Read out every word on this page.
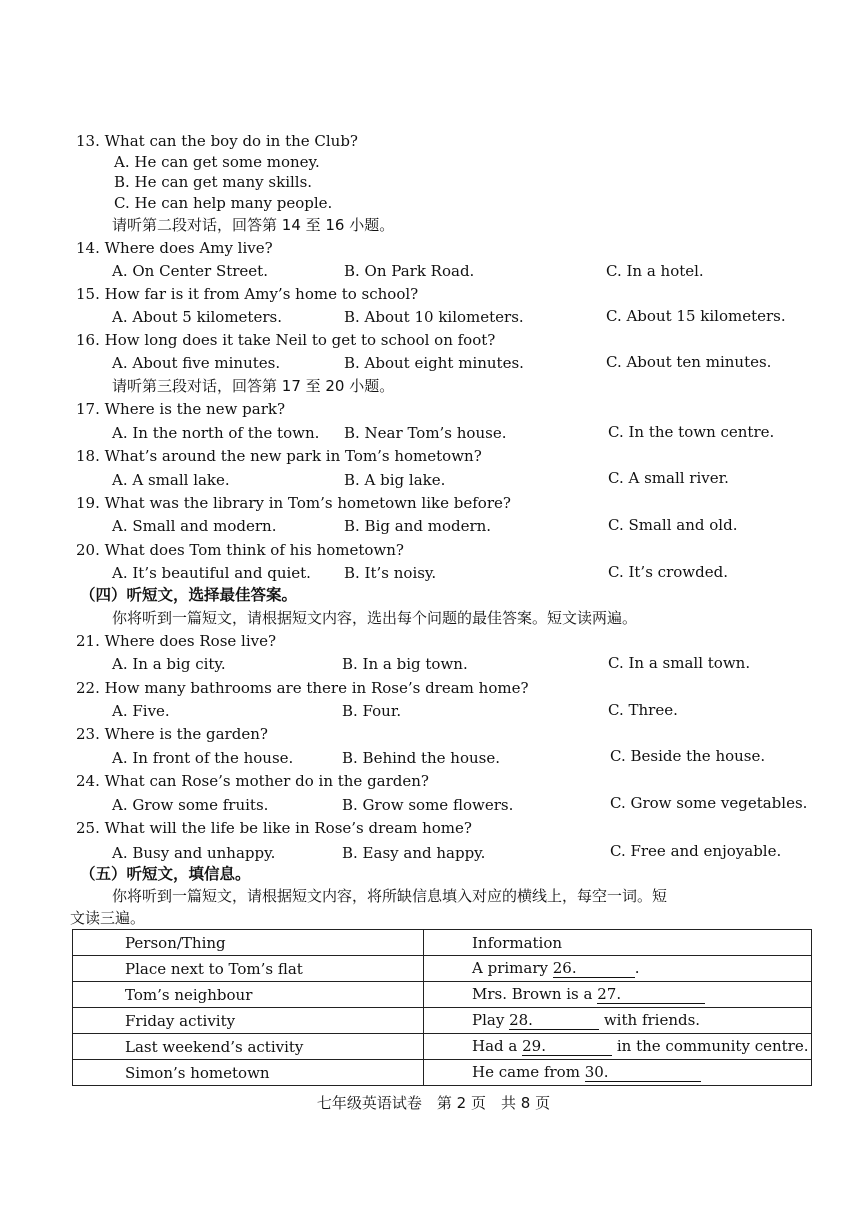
13. What can the boy do in the Club?
A. He can get some money.
B. He can get many skills.
C. He can help many people.
请听第二段对话，回答第 14 至 16 小题。
14. Where does Amy live?
A. On Center Street.	B. On Park Road.	C. In a hotel.
15. How far is it from Amy’s home to school?
A. About 5 kilometers.	B. About 10 kilometers.	C. About 15 kilometers.
16. How long does it take Neil to get to school on foot?
A. About five minutes.	B. About eight minutes.	C. About ten minutes.
请听第三段对话，回答第 17 至 20 小题。
17. Where is the new park?
A. In the north of the town. B. Near Tom’s house.	C. In the town centre.
18. What’s around the new park in Tom’s hometown?
A. A small lake.	B. A big lake.	C. A small river.
19. What was the library in Tom’s hometown like before?
A. Small and modern.	B. Big and modern.	C. Small and old.
20. What does Tom think of his hometown?
A. It’s beautiful and quiet. B. It’s noisy.	C. It’s crowded.
（四）听短文，选择最佳答案。
你将听到一篇短文，请根据短文内容，选出每个问题的最佳答案。短文读两遍。
21. Where does Rose live?
A. In a big city.	B. In a big town.	C. In a small town.
22. How many bathrooms are there in Rose’s dream home?
A. Five.	B. Four.	C. Three.
23. Where is the garden?
A. In front of the house.	B. Behind the house.	C. Beside the house.
24. What can Rose’s mother do in the garden?
A. Grow some fruits.	B. Grow some flowers.	C. Grow some vegetables.
25. What will the life be like in Rose’s dream home?
A. Busy and unhappy.	B. Easy and happy.	C. Free and enjoyable.
（五）听短文，填信息。
你将听到一篇短文，请根据短文内容，将所缺信息填入对应的横线上，每空一词。短
文读三遍。
Person/Thing	Information
Place next to Tom’s flat	A primary 26. .
Tom’s neighbour	Mrs. Brown is a 27.
Friday activity	Play 28. with friends.
Last weekend’s activity	Had a 29. in the community centre.
Simon’s hometown	He came from 30.
七年级英语试卷　第 2 页　共 8 页
